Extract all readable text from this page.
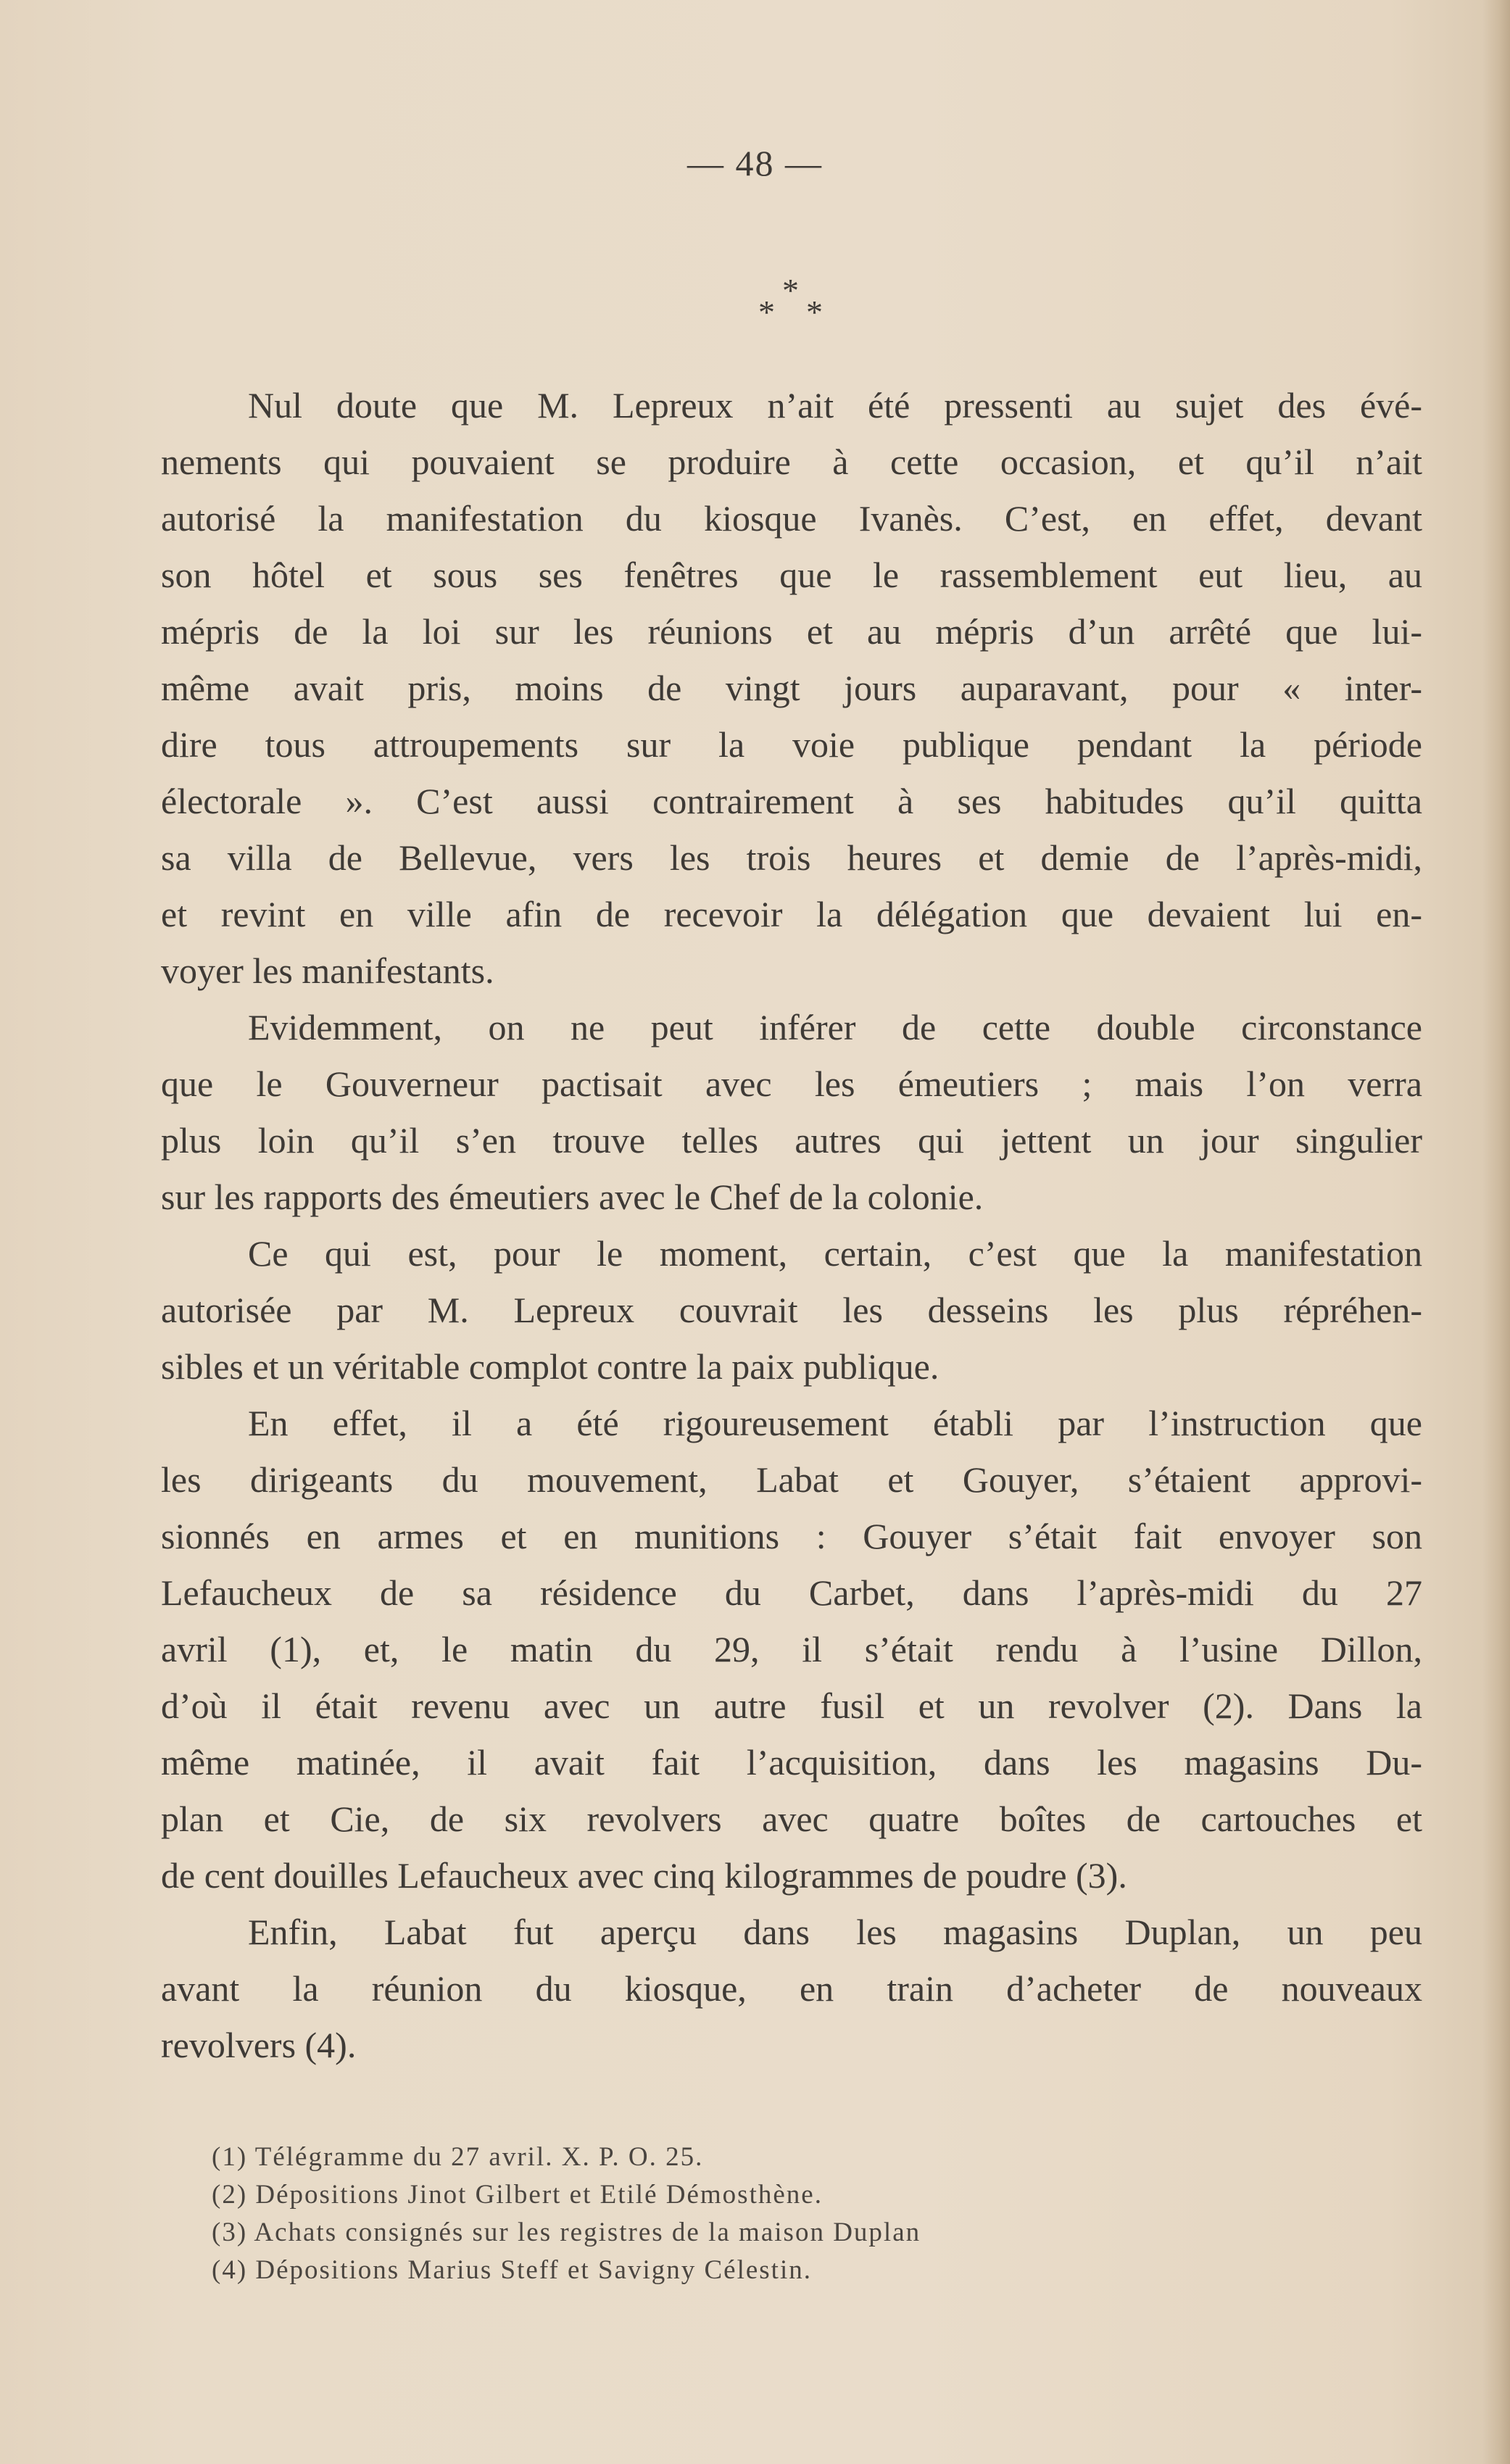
— 48 —
*
* *
Nul doute que M. Lepreux n’ait été pressenti au sujet des évé-
nements qui pouvaient se produire à cette occasion, et qu’il n’ait
autorisé la manifestation du kiosque Ivanès. C’est, en effet, devant
son hôtel et sous ses fenêtres que le rassemblement eut lieu, au
mépris de la loi sur les réunions et au mépris d’un arrêté que lui-
même avait pris, moins de vingt jours auparavant, pour « inter-
dire tous attroupements sur la voie publique pendant la période
électorale ». C’est aussi contrairement à ses habitudes qu’il quitta
sa villa de Bellevue, vers les trois heures et demie de l’après-midi,
et revint en ville afin de recevoir la délégation que devaient lui en-
voyer les manifestants.
Evidemment, on ne peut inférer de cette double circonstance
que le Gouverneur pactisait avec les émeutiers ; mais l’on verra
plus loin qu’il s’en trouve telles autres qui jettent un jour singulier
sur les rapports des émeutiers avec le Chef de la colonie.
Ce qui est, pour le moment, certain, c’est que la manifestation
autorisée par M. Lepreux couvrait les desseins les plus répréhen-
sibles et un véritable complot contre la paix publique.
En effet, il a été rigoureusement établi par l’instruction que
les dirigeants du mouvement, Labat et Gouyer, s’étaient approvi-
sionnés en armes et en munitions : Gouyer s’était fait envoyer son
Lefaucheux de sa résidence du Carbet, dans l’après-midi du 27
avril (1), et, le matin du 29, il s’était rendu à l’usine Dillon,
d’où il était revenu avec un autre fusil et un revolver (2). Dans la
même matinée, il avait fait l’acquisition, dans les magasins Du-
plan et Cie, de six revolvers avec quatre boîtes de cartouches et
de cent douilles Lefaucheux avec cinq kilogrammes de poudre (3).
Enfin, Labat fut aperçu dans les magasins Duplan, un peu
avant la réunion du kiosque, en train d’acheter de nouveaux
revolvers (4).
(1) Télégramme du 27 avril. X. P. O. 25.
(2) Dépositions Jinot Gilbert et Etilé Démosthène.
(3) Achats consignés sur les registres de la maison Duplan
(4) Dépositions Marius Steff et Savigny Célestin.
